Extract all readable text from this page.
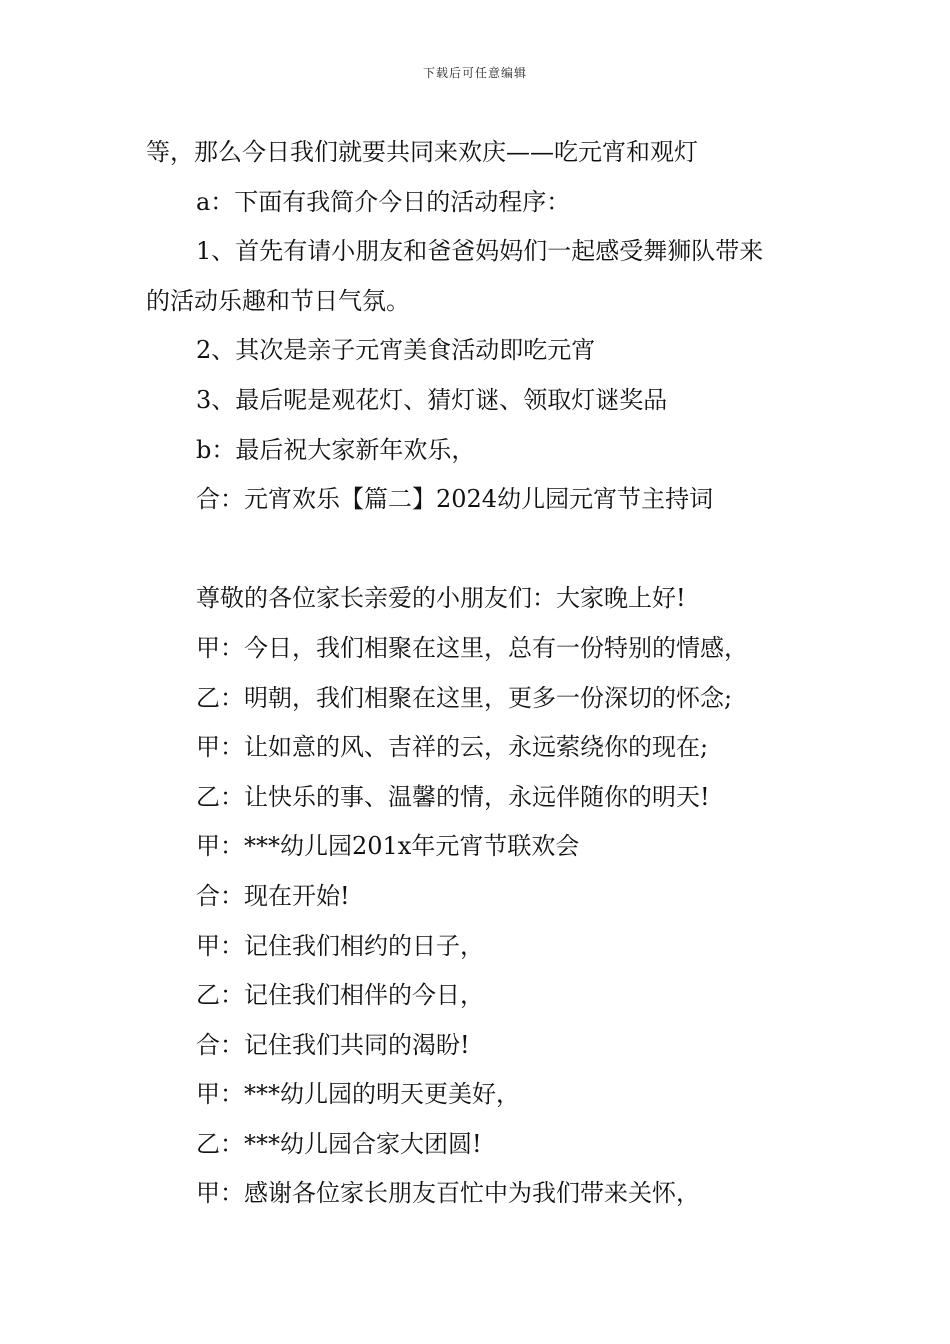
下载后可任意编辑

等，那么今日我们就要共同来欢庆——吃元宵和观灯

a：下面有我简介今日的活动程序：

1、首先有请小朋友和爸爸妈妈们一起感受舞狮队带来

的活动乐趣和节日气氛。

2、其次是亲子元宵美食活动即吃元宵

3、最后呢是观花灯、猜灯谜、领取灯谜奖品

b：最后祝大家新年欢乐，

合：元宵欢乐【篇二】2024幼儿园元宵节主持词

尊敬的各位家长亲爱的小朋友们：大家晚上好!

甲：今日，我们相聚在这里，总有一份特别的情感，

乙：明朝，我们相聚在这里，更多一份深切的怀念;

甲：让如意的风、吉祥的云，永远萦绕你的现在;

乙：让快乐的事、温馨的情，永远伴随你的明天!

甲：***幼儿园201x年元宵节联欢会

合：现在开始!

甲：记住我们相约的日子，

乙：记住我们相伴的今日，

合：记住我们共同的渴盼!

甲：***幼儿园的明天更美好，

乙：***幼儿园合家大团圆!

甲：感谢各位家长朋友百忙中为我们带来关怀，
